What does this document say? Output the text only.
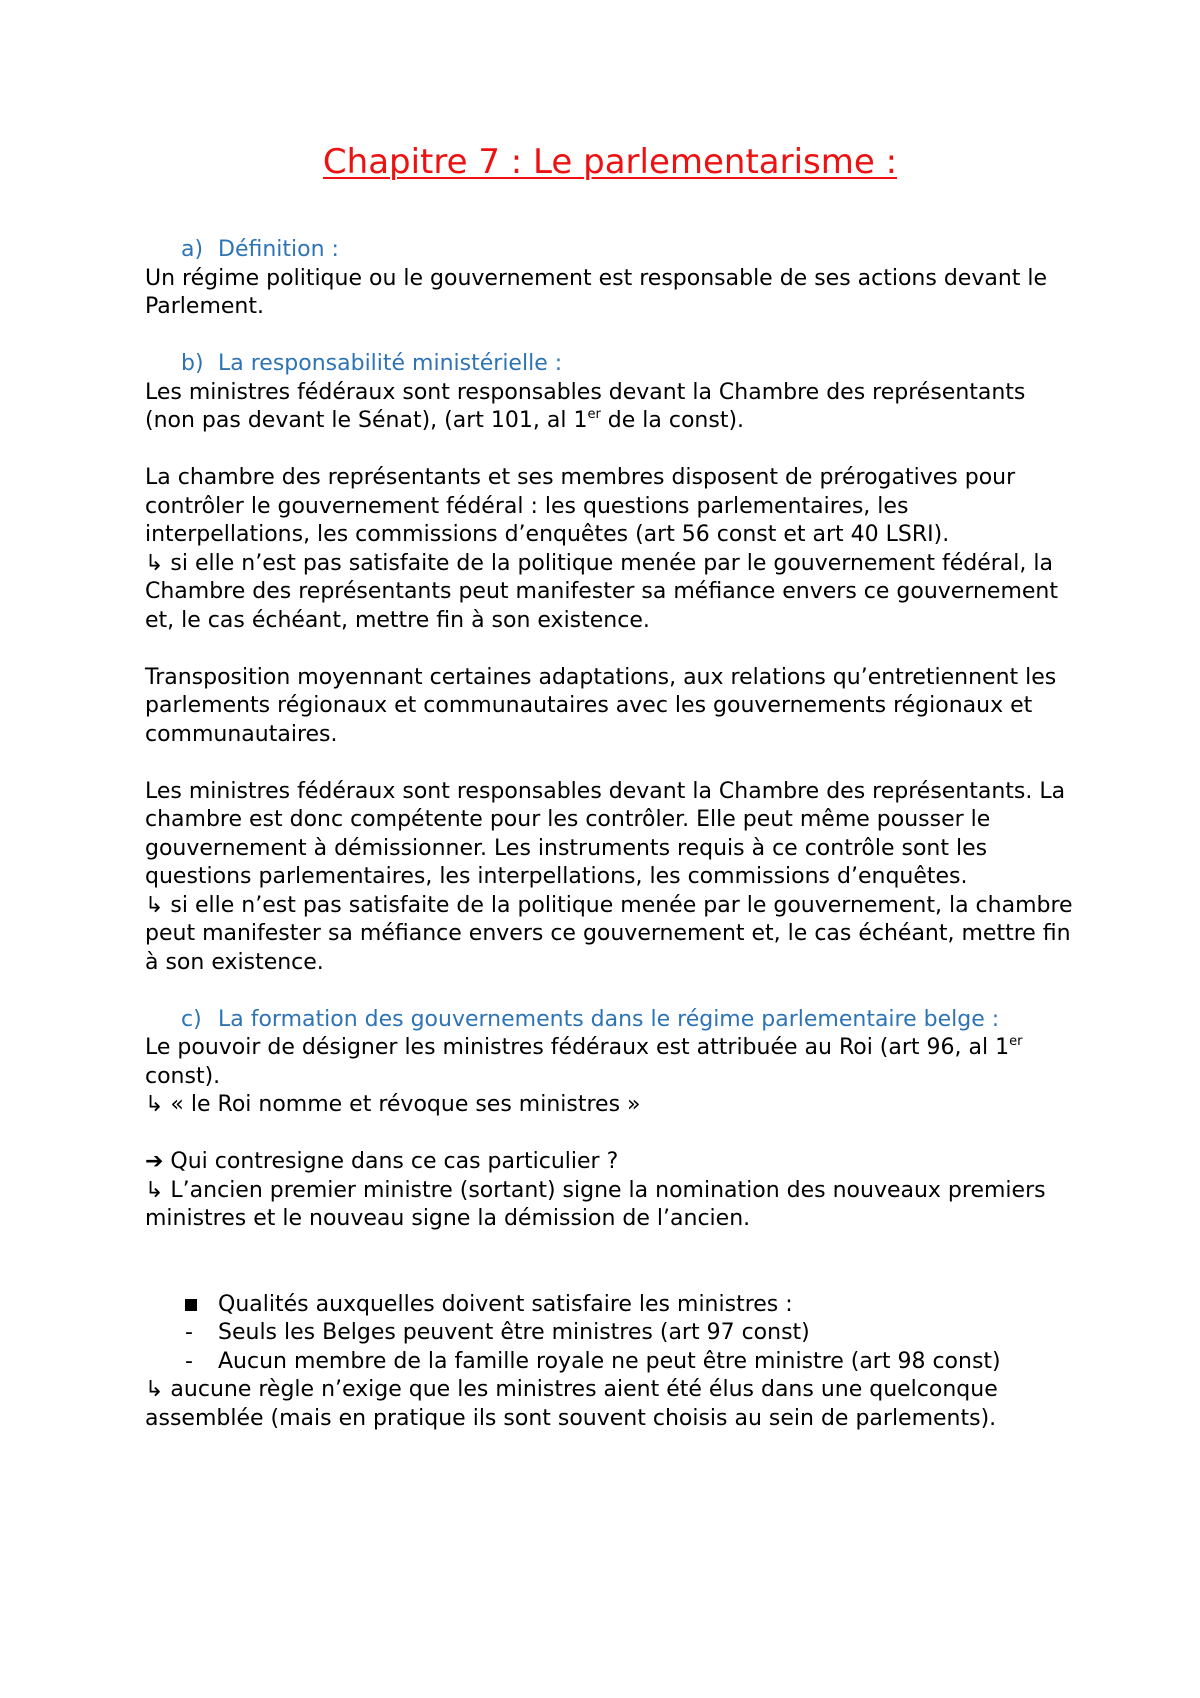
Chapitre 7 : Le parlementarisme :
a) Définition :

Un régime politique ou le gouvernement est responsable de ses actions devant le Parlement.

b) La responsabilité ministérielle :

Les ministres fédéraux sont responsables devant la Chambre des représentants (non pas devant le Sénat), (art 101, al 1er de la const).

La chambre des représentants et ses membres disposent de prérogatives pour contrôler le gouvernement fédéral : les questions parlementaires, les interpellations, les commissions d’enquêtes (art 56 const et art 40 LSRI).

↳ si elle n’est pas satisfaite de la politique menée par le gouvernement fédéral, la Chambre des représentants peut manifester sa méfiance envers ce gouvernement et, le cas échéant, mettre fin à son existence.

Transposition moyennant certaines adaptations, aux relations qu’entretiennent les parlements régionaux et communautaires avec les gouvernements régionaux et communautaires.

Les ministres fédéraux sont responsables devant la Chambre des représentants. La chambre est donc compétente pour les contrôler. Elle peut même pousser le gouvernement à démissionner. Les instruments requis à ce contrôle sont les questions parlementaires, les interpellations, les commissions d’enquêtes.

↳ si elle n’est pas satisfaite de la politique menée par le gouvernement, la chambre peut manifester sa méfiance envers ce gouvernement et, le cas échéant, mettre fin à son existence.

c) La formation des gouvernements dans le régime parlementaire belge :

Le pouvoir de désigner les ministres fédéraux est attribuée au Roi (art 96, al 1er const).

↳ « le Roi nomme et révoque ses ministres »

➔ Qui contresigne dans ce cas particulier ?

↳ L’ancien premier ministre (sortant) signe la nomination des nouveaux premiers ministres et le nouveau signe la démission de l’ancien.

Qualités auxquelles doivent satisfaire les ministres :
- Seuls les Belges peuvent être ministres (art 97 const)
- Aucun membre de la famille royale ne peut être ministre (art 98 const)

↳ aucune règle n’exige que les ministres aient été élus dans une quelconque assemblée (mais en pratique ils sont souvent choisis au sein de parlements).
